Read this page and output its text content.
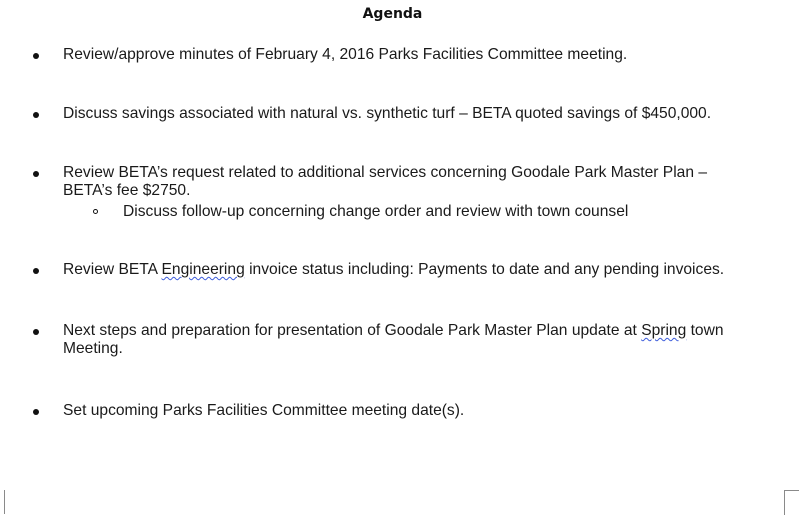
Agenda
Review/approve minutes of February 4, 2016 Parks Facilities Committee meeting.
Discuss savings associated with natural vs. synthetic turf – BETA quoted savings of $450,000.
Review BETA’s request related to additional services concerning Goodale Park Master Plan –
BETA’s fee $2750.
Discuss follow-up concerning change order and review with town counsel
Review BETA Engineering invoice status including: Payments to date and any pending invoices.
Next steps and preparation for presentation of Goodale Park Master Plan update at Spring town
Meeting.
Set upcoming Parks Facilities Committee meeting date(s).
